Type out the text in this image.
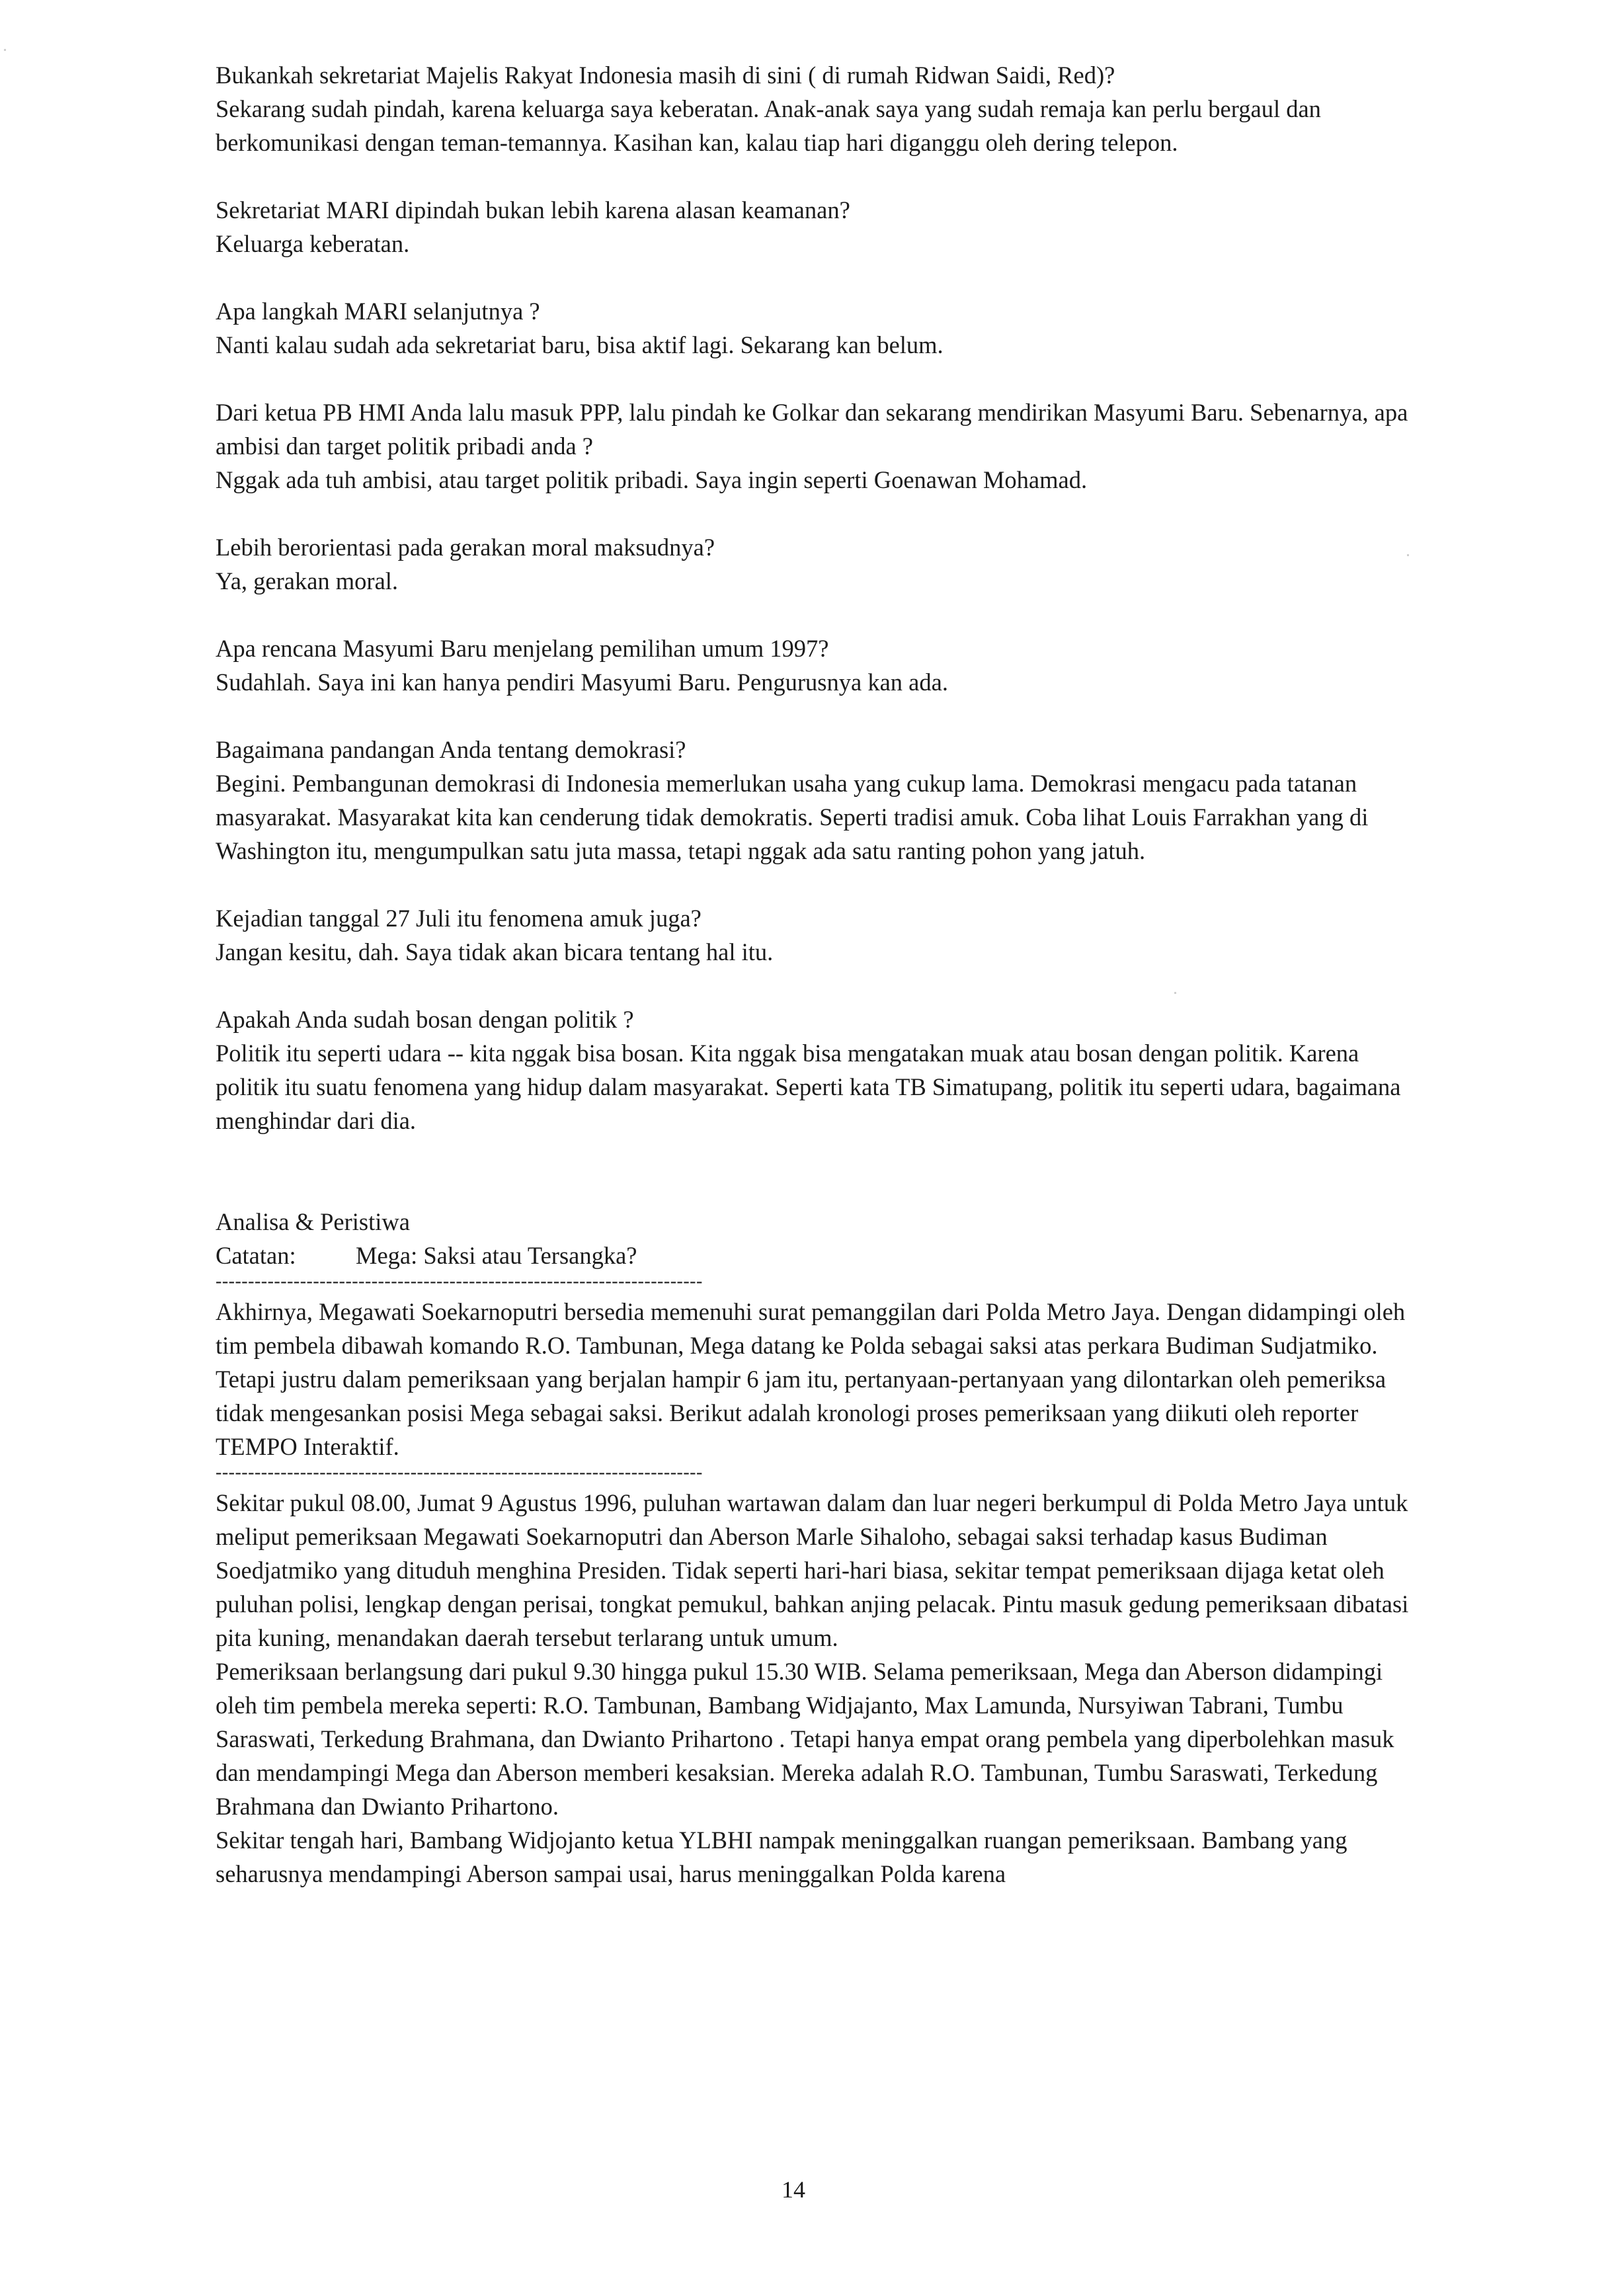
Bukankah sekretariat Majelis Rakyat Indonesia masih di sini ( di rumah Ridwan Saidi, Red)?

Sekarang sudah pindah, karena keluarga saya keberatan. Anak-anak saya yang sudah remaja kan perlu bergaul dan berkomunikasi dengan teman-temannya. Kasihan kan, kalau tiap hari diganggu oleh dering telepon.

Sekretariat MARI dipindah bukan lebih karena alasan keamanan?

Keluarga keberatan.

Apa langkah MARI selanjutnya ?

Nanti kalau sudah ada sekretariat baru, bisa aktif lagi. Sekarang kan belum.

Dari ketua PB HMI Anda lalu masuk PPP, lalu pindah ke Golkar dan sekarang mendirikan Masyumi Baru. Sebenarnya, apa ambisi dan target politik pribadi anda ?

Nggak ada tuh ambisi, atau target politik pribadi. Saya ingin seperti Goenawan Mohamad.

Lebih berorientasi pada gerakan moral maksudnya?

Ya, gerakan moral.

Apa rencana Masyumi Baru menjelang pemilihan umum 1997?

Sudahlah. Saya ini kan hanya pendiri Masyumi Baru. Pengurusnya kan ada.

Bagaimana pandangan Anda tentang demokrasi?

Begini. Pembangunan demokrasi di Indonesia memerlukan usaha yang cukup lama. Demokrasi mengacu pada tatanan masyarakat. Masyarakat kita kan cenderung tidak demokratis. Seperti tradisi amuk. Coba lihat Louis Farrakhan yang di Washington itu, mengumpulkan satu juta massa, tetapi nggak ada satu ranting pohon yang jatuh.

Kejadian tanggal 27 Juli itu fenomena amuk juga?

Jangan kesitu, dah. Saya tidak akan bicara tentang hal itu.

Apakah Anda sudah bosan dengan politik ?

Politik itu seperti udara -- kita nggak bisa bosan. Kita nggak bisa mengatakan muak atau bosan dengan politik. Karena politik itu suatu fenomena yang hidup dalam masyarakat. Seperti kata TB Simatupang, politik itu seperti udara, bagaimana menghindar dari dia.

Analisa & Peristiwa

Catatan: Mega: Saksi atau Tersangka?

---------------------------------------------------------------------------

Akhirnya, Megawati Soekarnoputri bersedia memenuhi surat pemanggilan dari Polda Metro Jaya. Dengan didampingi oleh tim pembela dibawah komando R.O. Tambunan, Mega datang ke Polda sebagai saksi atas perkara Budiman Sudjatmiko. Tetapi justru dalam pemeriksaan yang berjalan hampir 6 jam itu, pertanyaan-pertanyaan yang dilontarkan oleh pemeriksa tidak mengesankan posisi Mega sebagai saksi. Berikut adalah kronologi proses pemeriksaan yang diikuti oleh reporter TEMPO Interaktif.

---------------------------------------------------------------------------

Sekitar pukul 08.00, Jumat 9 Agustus 1996, puluhan wartawan dalam dan luar negeri berkumpul di Polda Metro Jaya untuk meliput pemeriksaan Megawati Soekarnoputri dan Aberson Marle Sihaloho, sebagai saksi terhadap kasus Budiman Soedjatmiko yang dituduh menghina Presiden. Tidak seperti hari-hari biasa, sekitar tempat pemeriksaan dijaga ketat oleh puluhan polisi, lengkap dengan perisai, tongkat pemukul, bahkan anjing pelacak. Pintu masuk gedung pemeriksaan dibatasi pita kuning, menandakan daerah tersebut terlarang untuk umum.

Pemeriksaan berlangsung dari pukul 9.30 hingga pukul 15.30 WIB. Selama pemeriksaan, Mega dan Aberson didampingi oleh tim pembela mereka seperti: R.O. Tambunan, Bambang Widjajanto, Max Lamunda, Nursyiwan Tabrani, Tumbu Saraswati, Terkedung Brahmana, dan Dwianto Prihartono . Tetapi hanya empat orang pembela yang diperbolehkan masuk dan mendampingi Mega dan Aberson memberi kesaksian. Mereka adalah R.O. Tambunan, Tumbu Saraswati, Terkedung Brahmana dan Dwianto Prihartono.

Sekitar tengah hari, Bambang Widjojanto ketua YLBHI nampak meninggalkan ruangan pemeriksaan. Bambang yang seharusnya mendampingi Aberson sampai usai, harus meninggalkan Polda karena

14
